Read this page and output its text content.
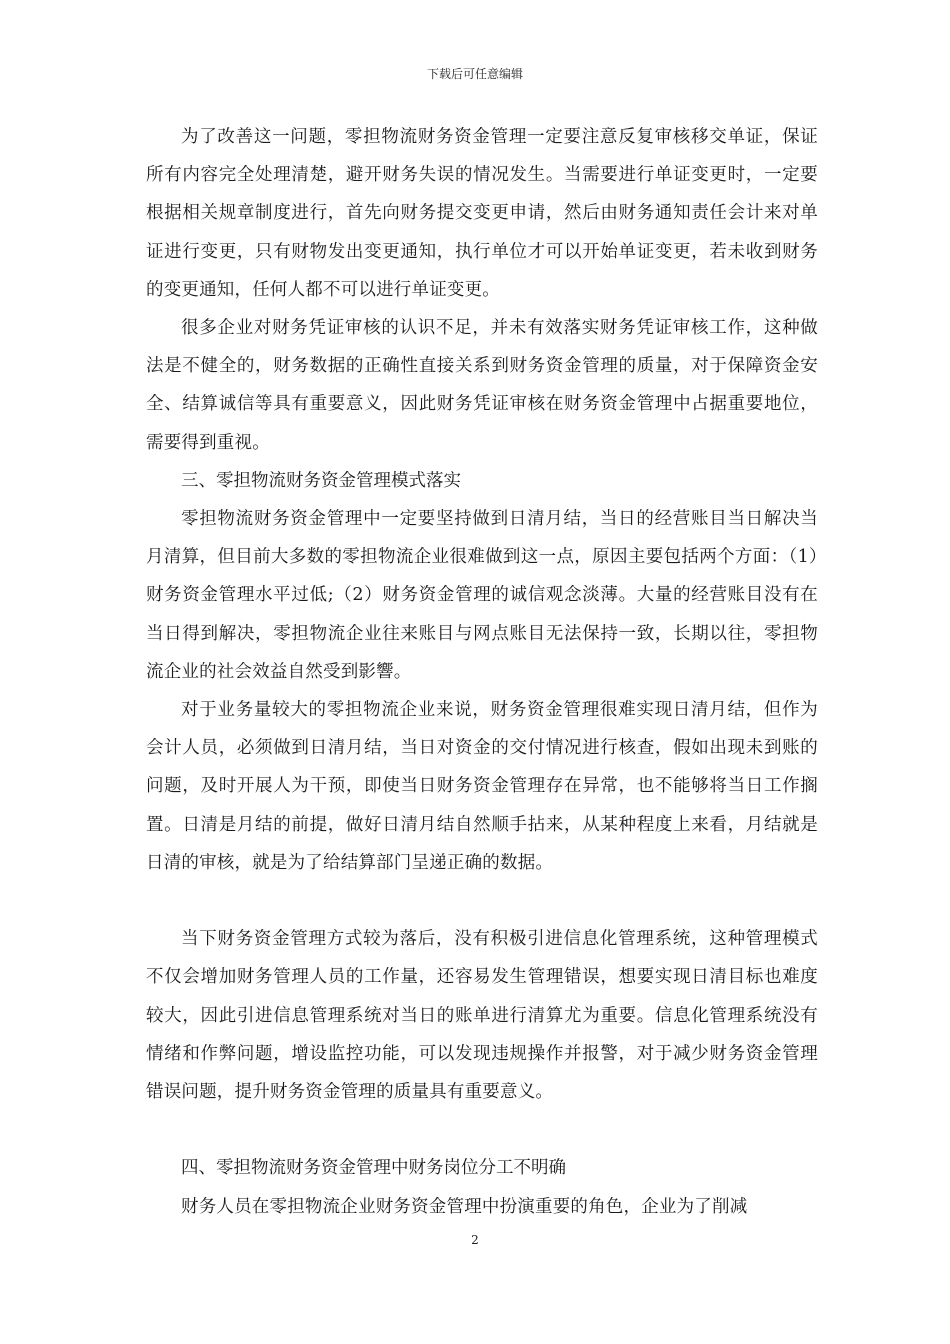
下载后可任意编辑

为了改善这一问题，零担物流财务资金管理一定要注意反复审核移交单证，保证所有内容完全处理清楚，避开财务失误的情况发生。当需要进行单证变更时，一定要根据相关规章制度进行，首先向财务提交变更申请，然后由财务通知责任会计来对单证进行变更，只有财物发出变更通知，执行单位才可以开始单证变更，若未收到财务的变更通知，任何人都不可以进行单证变更。

很多企业对财务凭证审核的认识不足，并未有效落实财务凭证审核工作，这种做法是不健全的，财务数据的正确性直接关系到财务资金管理的质量，对于保障资金安全、结算诚信等具有重要意义，因此财务凭证审核在财务资金管理中占据重要地位，需要得到重视。

三、零担物流财务资金管理模式落实

零担物流财务资金管理中一定要坚持做到日清月结，当日的经营账目当日解决当月清算，但目前大多数的零担物流企业很难做到这一点，原因主要包括两个方面：（1）财务资金管理水平过低;（2）财务资金管理的诚信观念淡薄。大量的经营账目没有在当日得到解决，零担物流企业往来账目与网点账目无法保持一致，长期以往，零担物流企业的社会效益自然受到影響。

对于业务量较大的零担物流企业来说，财务资金管理很难实现日清月结，但作为会计人员，必须做到日清月结，当日对资金的交付情况进行核查，假如出现未到账的问题，及时开展人为干预，即使当日财务资金管理存在异常，也不能够将当日工作搁置。日清是月结的前提，做好日清月结自然顺手拈来，从某种程度上来看，月结就是日清的审核，就是为了给结算部门呈递正确的数据。

当下财务资金管理方式较为落后，没有积极引进信息化管理系统，这种管理模式不仅会增加财务管理人员的工作量，还容易发生管理错误，想要实现日清目标也难度较大，因此引进信息管理系统对当日的账单进行清算尤为重要。信息化管理系统没有情绪和作弊问题，增设监控功能，可以发现违规操作并报警，对于减少财务资金管理错误问题，提升财务资金管理的质量具有重要意义。

四、零担物流财务资金管理中财务岗位分工不明确

财务人员在零担物流企业财务资金管理中扮演重要的角色，企业为了削减

2
